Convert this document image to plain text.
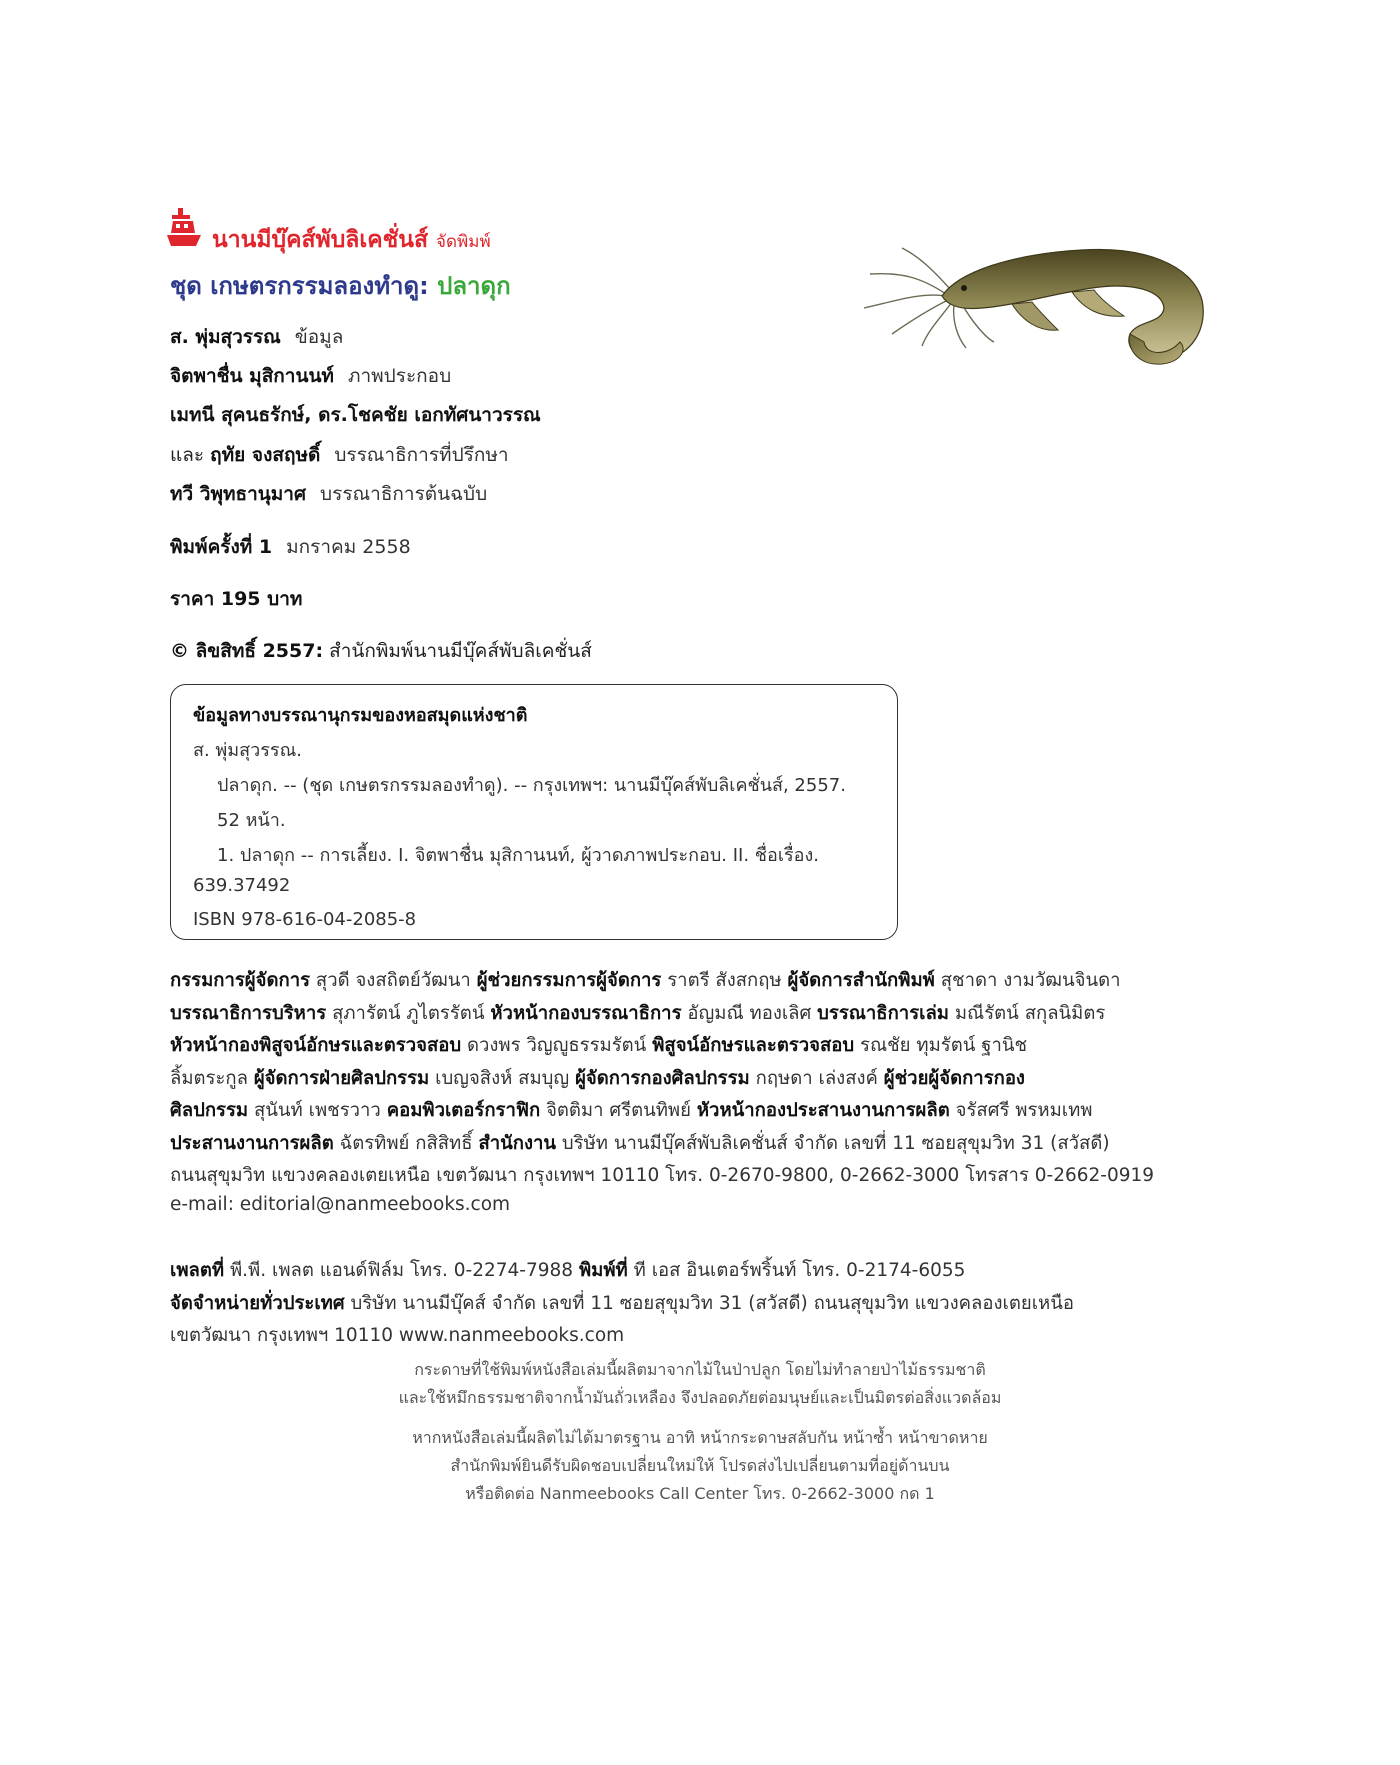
นานมีบุ๊คส์พับลิเคชั่นส์ จัดพิมพ์
ชุด เกษตรกรรมลองทำดู: ปลาดุก
ส. พุ่มสุวรรณ ข้อมูล
จิตพาชื่น มุสิกานนท์ ภาพประกอบ
เมทนี สุคนธรักษ์, ดร.โชคชัย เอกทัศนาวรรณ
และ ฤทัย จงสฤษดิ์ บรรณาธิการที่ปรึกษา
ทวี วิพุทธานุมาศ บรรณาธิการต้นฉบับ
พิมพ์ครั้งที่ 1 มกราคม 2558
ราคา 195 บาท
© ลิขสิทธิ์ 2557: สำนักพิมพ์นานมีบุ๊คส์พับลิเคชั่นส์
ข้อมูลทางบรรณานุกรมของหอสมุดแห่งชาติ
ส. พุ่มสุวรรณ.
ปลาดุก. -- (ชุด เกษตรกรรมลองทำดู). -- กรุงเทพฯ: นานมีบุ๊คส์พับลิเคชั่นส์, 2557.
52 หน้า.
1. ปลาดุก -- การเลี้ยง. I. จิตพาชื่น มุสิกานนท์, ผู้วาดภาพประกอบ. II. ชื่อเรื่อง.
639.37492
ISBN 978-616-04-2085-8
กรรมการผู้จัดการ สุวดี จงสถิตย์วัฒนา ผู้ช่วยกรรมการผู้จัดการ ราตรี สังสกฤษ ผู้จัดการสำนักพิมพ์ สุชาดา งามวัฒนจินดา
บรรณาธิการบริหาร สุภารัตน์ ภูไตรรัตน์ หัวหน้ากองบรรณาธิการ อัญมณี ทองเลิศ บรรณาธิการเล่ม มณีรัตน์ สกุลนิมิตร
หัวหน้ากองพิสูจน์อักษรและตรวจสอบ ดวงพร วิญญูธรรมรัตน์ พิสูจน์อักษรและตรวจสอบ รณชัย ทุมรัตน์ ฐานิช
ลิ้มตระกูล ผู้จัดการฝ่ายศิลปกรรม เบญจสิงห์ สมบุญ ผู้จัดการกองศิลปกรรม กฤษดา เล่งสงค์ ผู้ช่วยผู้จัดการกอง
ศิลปกรรม สุนันท์ เพชรวาว คอมพิวเตอร์กราฟิก จิตติมา ศรีตนทิพย์ หัวหน้ากองประสานงานการผลิต จรัสศรี พรหมเทพ
ประสานงานการผลิต ฉัตรทิพย์ กสิสิทธิ์ สำนักงาน บริษัท นานมีบุ๊คส์พับลิเคชั่นส์ จำกัด เลขที่ 11 ซอยสุขุมวิท 31 (สวัสดี)
ถนนสุขุมวิท แขวงคลองเตยเหนือ เขตวัฒนา กรุงเทพฯ 10110 โทร. 0-2670-9800, 0-2662-3000 โทรสาร 0-2662-0919
e-mail: editorial@nanmeebooks.com
เพลตที่ พี.พี. เพลต แอนด์ฟิล์ม โทร. 0-2274-7988 พิมพ์ที่ ที เอส อินเตอร์พริ้นท์ โทร. 0-2174-6055
จัดจำหน่ายทั่วประเทศ บริษัท นานมีบุ๊คส์ จำกัด เลขที่ 11 ซอยสุขุมวิท 31 (สวัสดี) ถนนสุขุมวิท แขวงคลองเตยเหนือ
เขตวัฒนา กรุงเทพฯ 10110 www.nanmeebooks.com
กระดาษที่ใช้พิมพ์หนังสือเล่มนี้ผลิตมาจากไม้ในป่าปลูก โดยไม่ทำลายป่าไม้ธรรมชาติ
และใช้หมึกธรรมชาติจากน้ำมันถั่วเหลือง จึงปลอดภัยต่อมนุษย์และเป็นมิตรต่อสิ่งแวดล้อม
หากหนังสือเล่มนี้ผลิตไม่ได้มาตรฐาน อาทิ หน้ากระดาษสลับกัน หน้าซ้ำ หน้าขาดหาย
สำนักพิมพ์ยินดีรับผิดชอบเปลี่ยนใหม่ให้ โปรดส่งไปเปลี่ยนตามที่อยู่ด้านบน
หรือติดต่อ Nanmeebooks Call Center โทร. 0-2662-3000 กด 1
